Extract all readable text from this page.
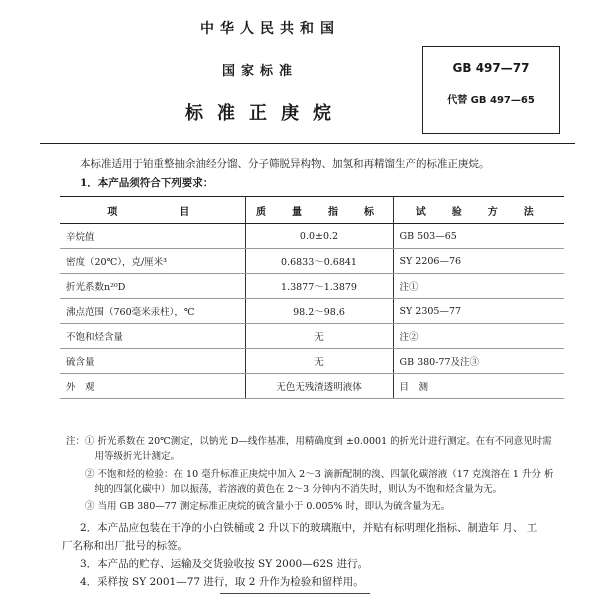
中华人民共和国
国家标准
标准正庚烷
GB 497—77
代替 GB 497—65
本标准适用于铂重整抽余油经分馏、分子筛脱异构物、加氢和再精馏生产的标准正庚烷。
1．本产品须符合下列要求：
项　　　目	质　量　指　标	试　验　方　法
辛烷值	0.0±0.2	GB 503—65
密度（20℃），克/厘米³	0.6833～0.6841	SY 2206—76
折光系数n²⁰D	1.3877～1.3879	注①
沸点范围（760毫米汞柱），℃	98.2～98.6	SY 2305—77
不饱和烃含量	无	注②
硫含量	无	GB 380-77及注③
外　观	无色无残渣透明液体	目　测
注：① 折光系数在 20℃测定，以钠光 D—线作基准，用精确度到 ±0.0001 的折光计进行测定。在有不同意见时需
　　　用等级折光计测定。
　　② 不饱和烃的检验：在 10 毫升标准正庚烷中加入 2～3 滴新配制的溴、四氯化碳溶液（17 克溴溶在 1 升分 析
　　　纯的四氯化碳中）加以振荡，若溶液的黄色在 2～3 分钟内不消失时，则认为不饱和烃含量为无。
　　③ 当用 GB 380—77 测定标准正庚烷的硫含量小于 0.005% 时，即认为硫含量为无。
2．本产品应包装在干净的小白铁桶或 2 升以下的玻璃瓶中，并贴有标明理化指标、制造年 月、 工
厂名称和出厂批号的标签。
3．本产品的贮存、运输及交货验收按 SY 2000—62S 进行。
4．采样按 SY 2001—77 进行，取 2 升作为检验和留样用。
